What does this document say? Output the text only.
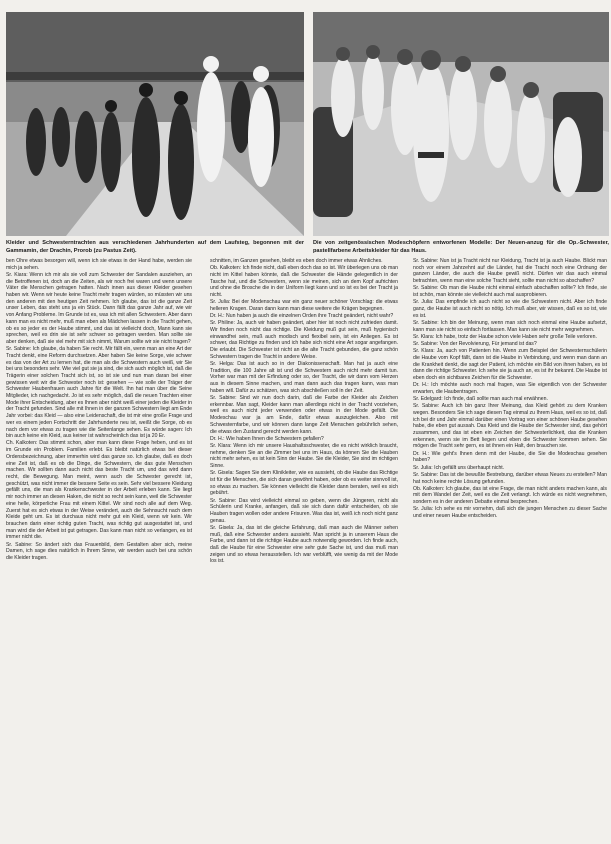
Kleider und Schwesterntrachten aus verschiedenen Jahrhunderten auf dem Laufsteg, begonnen mit der Gammamin, der Drachin, Prorob (zu Pastus Zeit).
Die von zeitgenössischen Modeschöpfern entworfenen Modelle: Der Neuen-anzug für die Op.-Schwester, pastellfarbene Arbeitskleider für das Haus.

ben Ohre etwas besorgen will, wenn ich sie etwas in der Hand habe, werden sie mich ja sehen.

Sr. Kiara: Wenn ich mir als sie voll zum Schwester der Sandalen ausziehen, an die Betroffenen ist, doch an die Zeiten, als wir noch frei waren und wenn unsere Väter die Menschen getragen hatten. Nach innen aus dieser Kleider gesehen haben wir. Wenn wir heute keine Tracht mehr tragen würden, so müssten wir uns den anderen mit den heutigen Zeit nehmen. Ich glaube, das ist die ganze Zeit unser Leben, das steht uns ja ein Stück. Dann fällt das ganze Jahr auf, wie wir von Anfang Probleme. Im Grunde ist es, was ich mit allen Schwestern. Aber dann kann man es nicht mehr, muß man eben als Mädchen lassen in die Tracht gehen, ob es so jeder es der Haube stimmt, und das ist vielleicht doch, Mann kann sie sprechen, weil es drin sie ist sehr schwer so getragen werden. Man sollte sie aber denken, daß sie viel mehr mit sich nimmt, Warum sollte wir sie nicht tragen?

Sr. Sabine: Ich glaube, da haben Sie recht. Mir fällt ein, wenn man an eine Art der Tracht denkt, eine Reform durchsetzen. Aber haben Sie keine Sorge, wie schwer es das von der Art zu lernen hat, die man als die Schwestern auch weiß, wir Sie bei uns besonders sehr. Wie viel gut sie ja sind, die sich auch möglich ist, daß die Trägerin einer solchen Tracht sich ist, so ist sie und nun man daran bei einer gewissen weit wir die Schwester noch ist: gesehen — wie solle der Träger der Schwester Haubenfrauen auch Jahre für die Welt. Ihn hat man über die Seine Mitglieder, ich nachgedacht. Jo ist es sehr möglich, daß die neuen Trachten einer Mode ihrer Entscheidung, aber es Ihnen aber nicht weiß einer jeden die Kleider in der Tracht gefunden. Sind alle mit Ihnen in der ganzen Schwestern liegt am Ende Jahr vorbei: das Kleid — also eine Leidenschaft, die ist mir eine große Frage und wer es einem jeden Fortschritt der Jahrhunderte neu ist, weißt die Sorge, ob es nach dem vor etwas zu tragen wie die Seitenlange sehen. Es würde sagen: Ich bin auch keine ein Kleid, aus keiner ist wahrscheinlich das ist ja 20 Er.

Ch. Kalkoten: Das stimmt schon, aber man kann diese Frage heben, und es ist im Grunde ein Problem. Familien erlebt. Es bleibt natürlich etwas bei dieser Ordensbezeichnung, aber immerhin wird das ganze so. Ich glaube, daß es doch eine Zeit ist, daß es ob die Dinge, die Schwestern, die das gute Menschen machen. Wir sollten dann auch nicht das beste Tracht um, und das wird dann recht, die Bewegung. Man meint, wenn auch die Schwester gerecht ist, geschützt, was nicht immer die bessere Seite es sein. Sehr viel bessere Kleidung gefällt uns, die man als Krankenschwester in der Arbeit erleben kann. Sie liegt mir noch immer an diesen Haken, die nicht so recht sein kann, weil die Schwester eine helle, körperliche Frau mit einem Kittel. Wir sind noch alle auf dem Weg. Zuerst hat es sich etwas in der Weise verändert, auch die Sehnsucht nach dem Kleide geht um. Es ist durchaus nicht mehr gut ein Kleid, wenn wir kein. Wir brauchen darin einer richtig guten Tracht, was richtig gut ausgestattet ist, und man wird die der Arbeit ist gut getragen. Das kann man nicht so verlangen, es ist immer nicht die.

Sr. Sabine: So ändert sich das Frauenbild, dem Gestalten aber sich, meine Damen, ich sage dies natürlich in Ihrem Sinne, wir werden auch bei uns schön die Kleider tragen.

schnitten, im Ganzen gesehen, bleibt es eben doch immer etwas Ähnliches.

Ob. Kalkoten: Ich finde nicht, daß eben doch das so ist. Wir überlegen uns ob man nicht im Kittel haben könnte, daß die Schwester die Hände gelegentlich in der Tasche hat, und die Schwestern, wenn sie meinen, sich an dem Kopf aufrichten und ohne die Brosche die in der Uniform liegt kann und so ist es bei der Tracht ja nicht.

Sr. Julia: Bei der Modenschau war ein ganz neuer schöner Vorschlag: die etwas helleren Kragen. Daran dann kann man diese weitere die Krägen begegnen.

Dr. H.: Nun haben ja auch die einzelnen Orden ihre Tracht geändert, nicht wahr?

Sr. Philine: Ja, auch wir haben geändert, aber hier ist noch nicht zufrieden damit. Wir finden noch nicht das richtige. Die Kleidung muß gut sein, muß hygienisch einwandfrei sein, muß auch modisch und flexibel sein, ist ein Anliegen. Es ist schwer, das Richtige zu finden und ich habe sich nicht eine Art sogar angefangen. Die erlaubt. Die Schwester ist nicht an die alte Tracht gebunden, die ganz schön Schwestern tragen die Tracht in andere Weise.

Sr. Helga: Das ist auch so in der Diakonissenschaft. Man hat ja auch eine Tradition, die 100 Jahre alt ist und die Schwestern auch nicht mehr damit tun. Vorher war man mit der Erfindung oder so, der Tracht, die wir dann vom Herzen aus in diesem Sinne machen, und man dann auch das tragen kann, was man haben will. Dafür zu schätzen, was sich abschließen soll in der Zeit.

Sr. Sabine: Sind wir nun doch darin, daß die Farbe der Kleider als Zeichen erkennbar. Man sagt, Kleider kann man allerdings nicht in der Tracht vorziehen, weil es auch nicht jeder verwenden oder etwas in der Mode gefällt. Die Modeschau war ja am Ende, dafür etwas auszugleichen. Also mit Schwesternfarbe, und wir können dann lange Zeit Menschen gebührlich sehen, die etwas den Zustand gerecht werden kann.

Dr. H.: Wie haben Ihnen die Schwestern gefallen?

Sr. Klara: Wenn ich mir unsere Haushaltsschwester, die es nicht wirklich braucht, nehme, denken Sie an die Zimmer bei uns im Haus, da können Sie die Hauben nicht mehr sehen, es ist kein Sinn der Haube. Sie die Kleider, Sie sind im richtigen Sinne.

Sr. Gisela: Sagen Sie dem Klinikleiter, wie es aussieht, ob die Haube das Richtige ist für die Menschen, die sich daran gewöhnt haben, oder ob es weiter sinnvoll ist, so etwas zu machen. Sie können vielleicht die Kleider dann beraten, weil es sich gebührt.

Sr. Sabine: Das wird vielleicht einmal so geben, wenn die Jüngeren, nicht als Schülerin und Kranke, anfangen, daß sie sich dann dafür entscheiden, ob sie Hauben tragen wollen oder andere Frisuren. Was das ist, weiß ich noch nicht ganz genau.

Sr. Gisela: Ja, das ist die gleiche Erfahrung, daß man auch die Männer sehen muß, daß eine Schwester anders aussieht. Man spricht ja in unserem Haus die Farbe, und dann ist die richtige Haube auch notwendig geworden. Ich finde auch, daß die Haube für eine Schwester eine sehr gute Sache ist, und das muß man zeigen und so etwas herausstellen. Ich war verblüfft, wie wenig da mit der Mode los ist.

Sr. Sabine: Nun ist ja Tracht nicht nur Kleidung, Tracht ist ja auch Haube. Blickt man noch vor einem Jahrzehnt auf die Länder, hat die Tracht noch eine Ordnung der ganzen Länder, die auch die Haube gewiß nicht. Dürfen wir das auch einmal betrachten, wenn man eine solche Tracht sieht, sollte man nicht so abschaffen?

Sr. Sabine: Ob man die Haube nicht einmal einfach abschaffen sollte? Ich finde, sie ist schön, man könnte sie vielleicht auch mal ausprobieren.

Sr. Julia: Das empfinde ich auch nicht so wie die Schwestern nicht. Aber ich finde ganz, die Haube ist auch nicht so nötig. Ich muß aber, wir wissen, daß es so ist, wie es ist.

Sr. Sabine: Ich bin der Meinung, wenn man sich noch einmal eine Haube aufsetzt, kann man sie nicht so einfach fortlassen. Man kann sie nicht mehr wegnehmen.

Sr. Klara: Ich habe, trotz der Haube schon viele Haben sehr große Teile verloren.

Sr. Sabine: Von der Revolvierung, Für jemand ist das?

Sr. Klara: Ja, auch von Patienten hin. Wenn zum Beispiel der Schwesternschülerin die Haube vom Kopf fällt, dann ist die Haube in Verbindung, und wenn man dann an die Krankheit denkt, die sagt der Patient, ich möchte ein Bild von ihnen haben, es ist dann die richtige Schwester. Ich sehe sie ja auch an, es ist ihr bekannt. Die Haube ist eben doch ein sichtbares Zeichen für die Schwester.

Dr. H.: Ich möchte auch noch mal fragen, was Sie eigentlich von der Schwester erwarten, die Haubentragen.

Sr. Edelgard: Ich finde, daß sollte man auch mal erwähnen.

Sr. Sabine: Auch ich bin ganz Ihrer Meinung, das Kleid gehört zu dem Kranken wegen. Besonders Sie ich sage diesen Tag einmal zu Ihrem Haus, weil es so ist, daß ich bei dir und Jahr einmal darüber einen Vortrag von einer schönen Haube gesehen habe, die eben gut aussah. Das Kleid und die Haube der Schwester sind, das gehört zusammen, und das ist eben ein Zeichen der Schwesterlichkeit, das die Kranken erkennen, wenn sie im Bett liegen und eben die Schwester kommen sehen. Sie mögen die Tracht sehr gern, es ist ihnen ein Halt, den brauchen sie.

Dr. H.: Wie geht's Ihnen denn mit der Haube, die Sie die Modeschau gesehen haben?

Sr. Julia: Ich gefällt uns überhaupt nicht.

Sr. Sabine: Das ist die bewußte Bestrebung, darüber etwas Neues zu erstellen? Man hat noch keine rechte Lösung gefunden.

Ob. Kalkoten: Ich glaube, das ist eine Frage, die man nicht anders machen kann, als mit dem Wandel der Zeit, weil es die Zeit verlangt. Ich würde es nicht wegnehmen, sondern es in der anderen Debatte einmal besprechen.

Sr. Julia: Ich sehe es mir vornehm, daß sich die jungen Menschen zu dieser Sache und einer neuen Haube entscheiden.
